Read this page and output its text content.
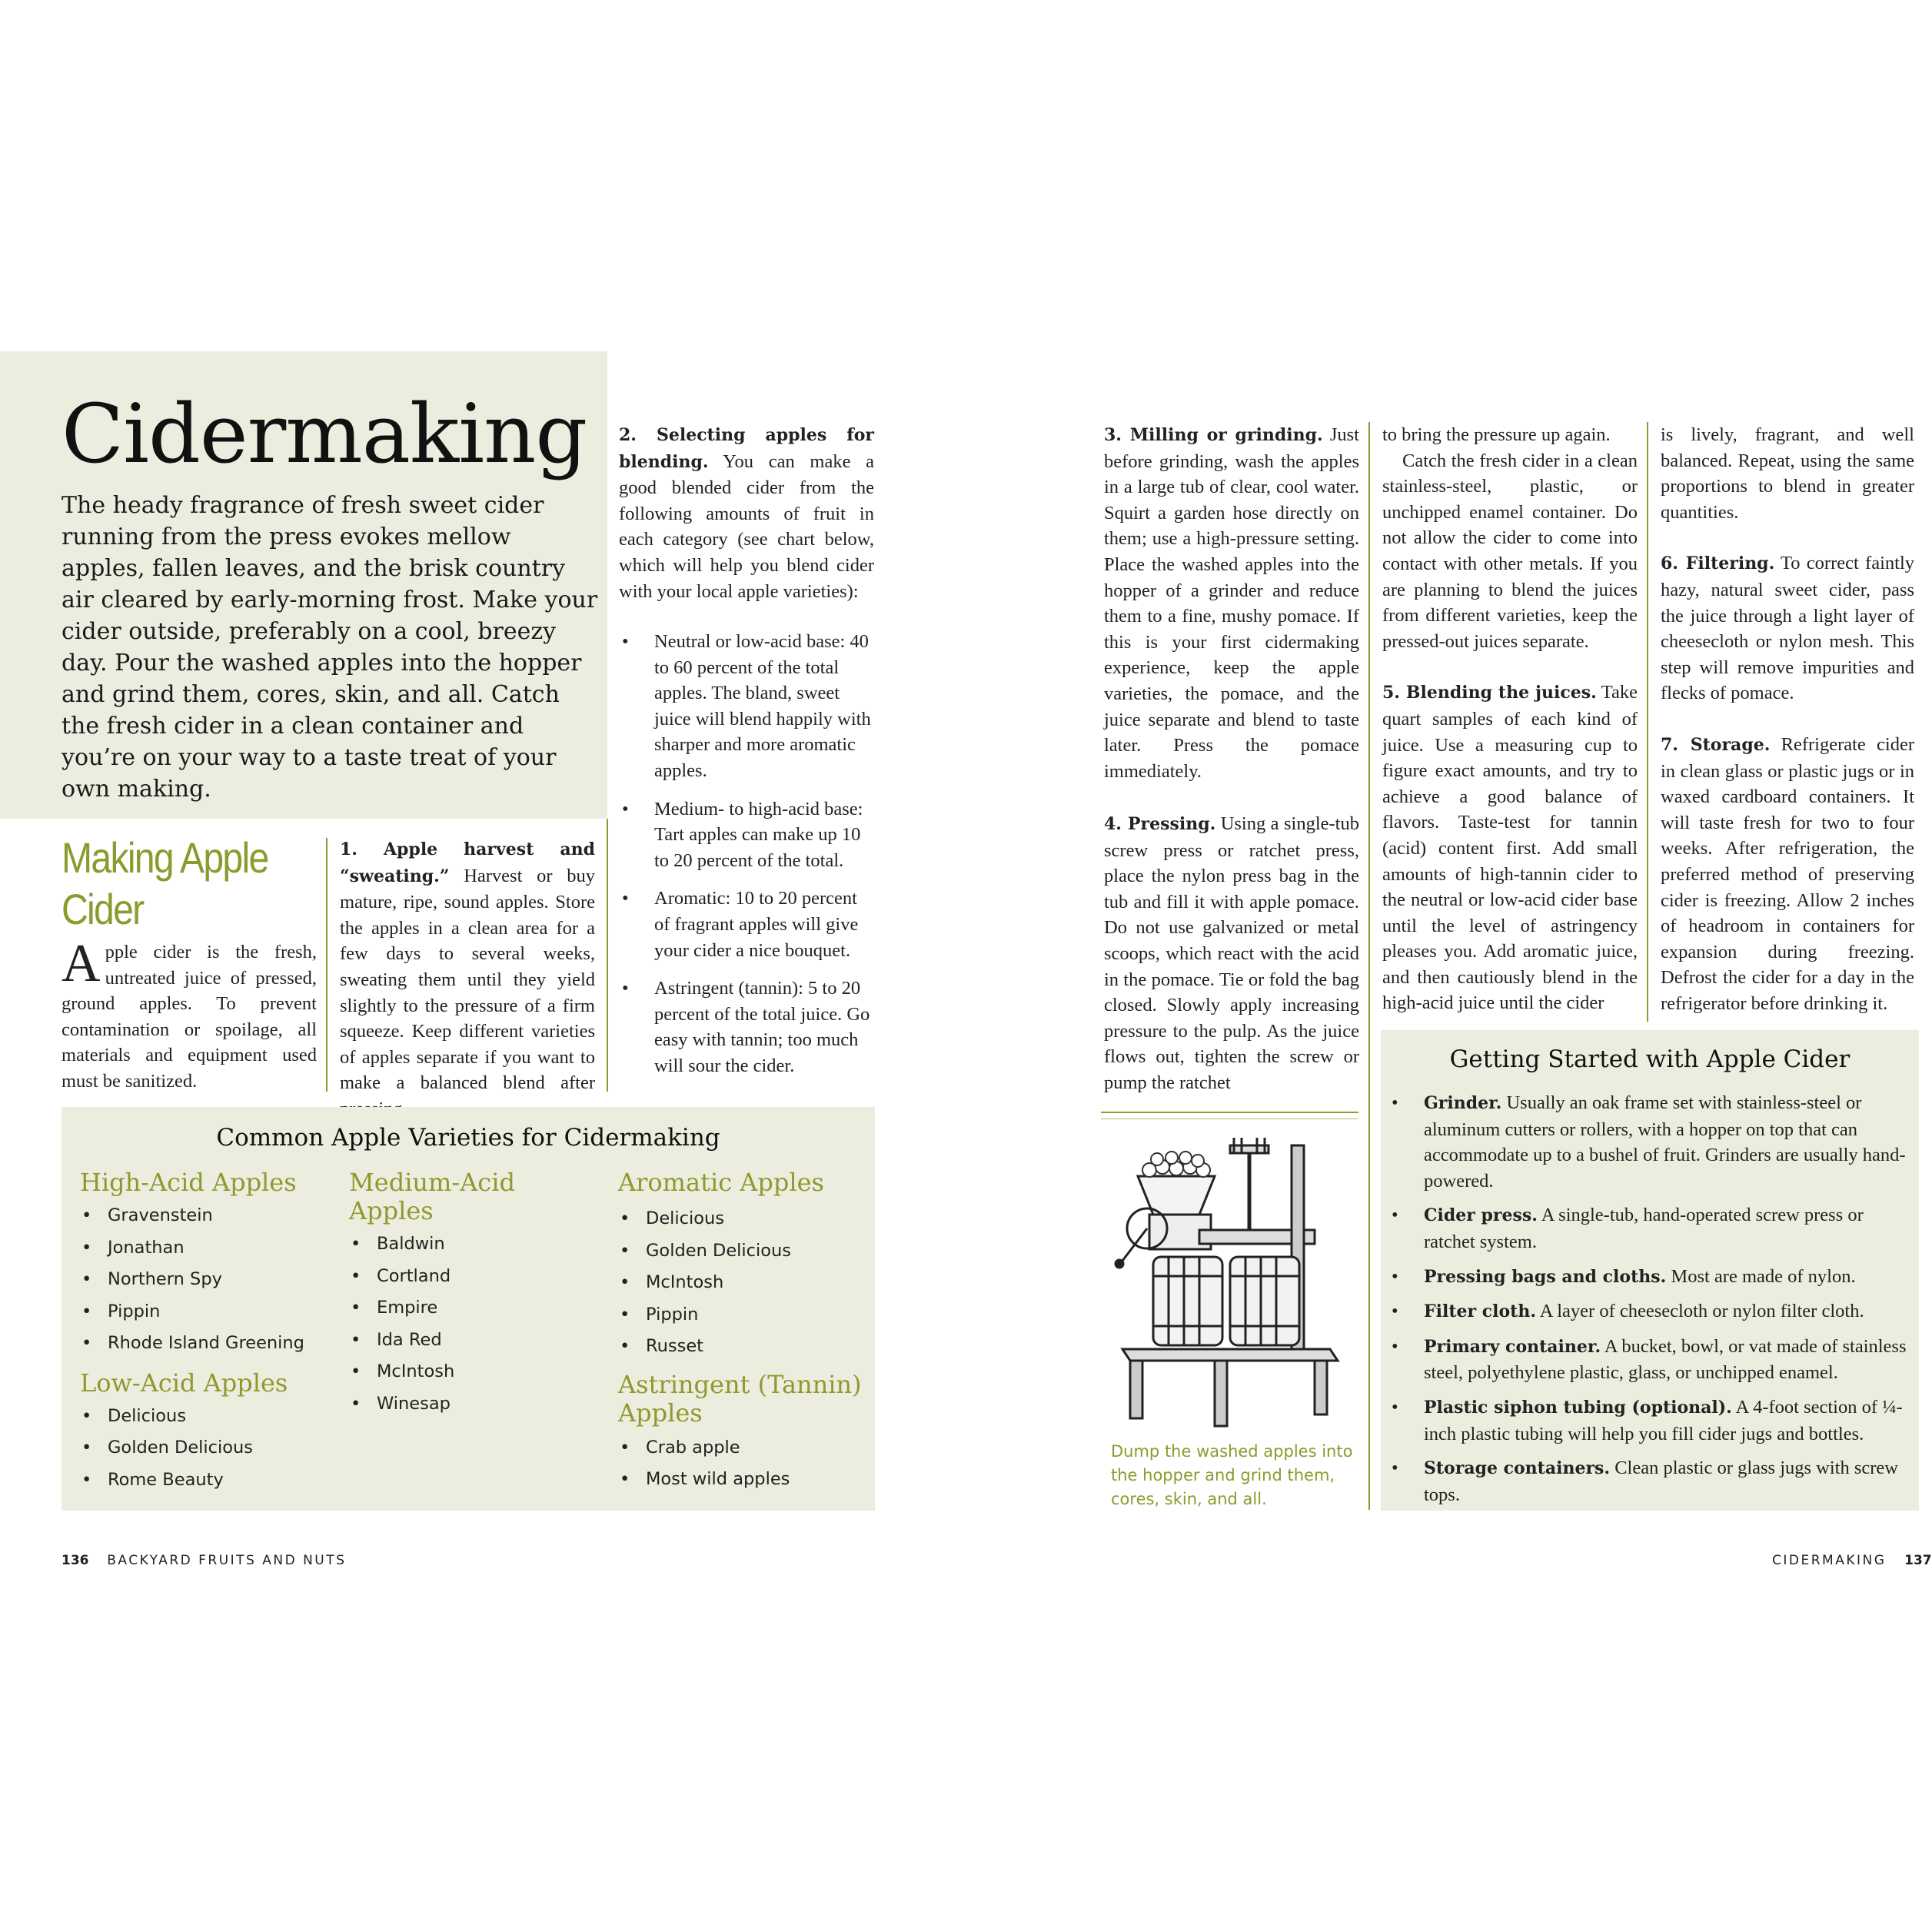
Cidermaking
The heady fragrance of fresh sweet cider running from the press evokes mellow apples, fallen leaves, and the brisk country air cleared by early-morning frost. Make your cider outside, preferably on a cool, breezy day. Pour the washed apples into the hopper and grind them, cores, skin, and all. Catch the fresh cider in a clean container and you’re on your way to a taste treat of your own making.
Making Apple Cider
Apple cider is the fresh, untreated juice of pressed, ground apples. To prevent contamination or spoilage, all materials and equipment used must be sanitized.
1. Apple harvest and “sweating.” Harvest or buy mature, ripe, sound apples. Store the apples in a clean area for a few days to several weeks, sweating them until they yield slightly to the pressure of a firm squeeze. Keep different varieties of apples separate if you want to make a balanced blend after
2. Selecting apples for blending. You can make a good blended cider from the following amounts of fruit in each category (see chart below, which will help you blend cider with your local apple varieties):
• Neutral or low-acid base: 40 to 60 percent of the total apples. The bland, sweet juice will blend happily with sharper and more aromatic apples.
• Medium- to high-acid base: Tart apples can make up 10 to 20 percent of the total.
• Aromatic: 10 to 20 percent of fragrant apples will give your cider a nice bouquet.
• Astringent (tannin): 5 to 20 percent of the total juice. Go easy with tannin; too much will sour the cider.
Common Apple Varieties for Cidermaking
High-Acid Apples
• Gravenstein
• Jonathan
• Northern Spy
• Pippin
• Rhode Island Greening
Low-Acid Apples
• Delicious
• Golden Delicious
• Rome Beauty
Medium-Acid Apples
• Baldwin
• Cortland
• Empire
• Ida Red
• McIntosh
• Winesap
Aromatic Apples
• Delicious
• Golden Delicious
• McIntosh
• Pippin
• Russet
Astringent (Tannin) Apples
• Crab apple
• Most wild apples
136 BACKYARD FRUITS AND NUTS
3. Milling or grinding. Just before grinding, wash the apples in a large tub of clear, cool water. Squirt a garden hose directly on them; use a high-pressure setting. Place the washed apples into the hopper of a grinder and reduce them to a fine, mushy pomace. If this is your first cidermaking experience, keep the apple varieties, the pomace, and the juice separate and blend to taste later. Press the pomace immediately.
4. Pressing. Using a single-tub screw press or ratchet press, place the nylon press bag in the tub and fill it with apple pomace. Do not use galvanized or metal scoops, which react with the acid in the pomace. Tie or fold the bag closed. Slowly apply increasing pressure to the pulp. As the juice flows out, tighten the screw or pump the ratchet
to bring the pressure up again.
Catch the fresh cider in a clean stainless-steel, plastic, or unchipped enamel container. Do not allow the cider to come into contact with other metals. If you are planning to blend the juices from different varieties, keep the pressed-out juices separate.
5. Blending the juices. Take quart samples of each kind of juice. Use a measuring cup to figure exact amounts, and try to achieve a good balance of flavors. Taste-test for tannin (acid) content first. Add small amounts of high-tannin cider to the neutral or low-acid cider base until the level of astringency pleases you. Add aromatic juice, and then cautiously blend in the high-acid juice until the cider
is lively, fragrant, and well balanced. Repeat, using the same proportions to blend in greater quantities.
6. Filtering. To correct faintly hazy, natural sweet cider, pass the juice through a light layer of cheesecloth or nylon mesh. This step will remove impurities and flecks of pomace.
7. Storage. Refrigerate cider in clean glass or plastic jugs or in waxed cardboard containers. It will taste fresh for two to four weeks. After refrigeration, the preferred method of preserving cider is freezing. Allow 2 inches of headroom in containers for expansion during freezing. Defrost the cider for a day in the refrigerator before drinking it.
Dump the washed apples into the hopper and grind them, cores, skin, and all.
Getting Started with Apple Cider
• Grinder. Usually an oak frame set with stainless-steel or aluminum cutters or rollers, with a hopper on top that can accommodate up to a bushel of fruit. Grinders are usually hand-powered.
• Cider press. A single-tub, hand-operated screw press or ratchet system.
• Pressing bags and cloths. Most are made of nylon.
• Filter cloth. A layer of cheesecloth or nylon filter cloth.
• Primary container. A bucket, bowl, or vat made of stainless steel, polyethylene plastic, glass, or unchipped enamel.
• Plastic siphon tubing (optional). A 4-foot section of ¼-inch plastic tubing will help you fill cider jugs and bottles.
• Storage containers. Clean plastic or glass jugs with screw tops.
CIDERMAKING 137
